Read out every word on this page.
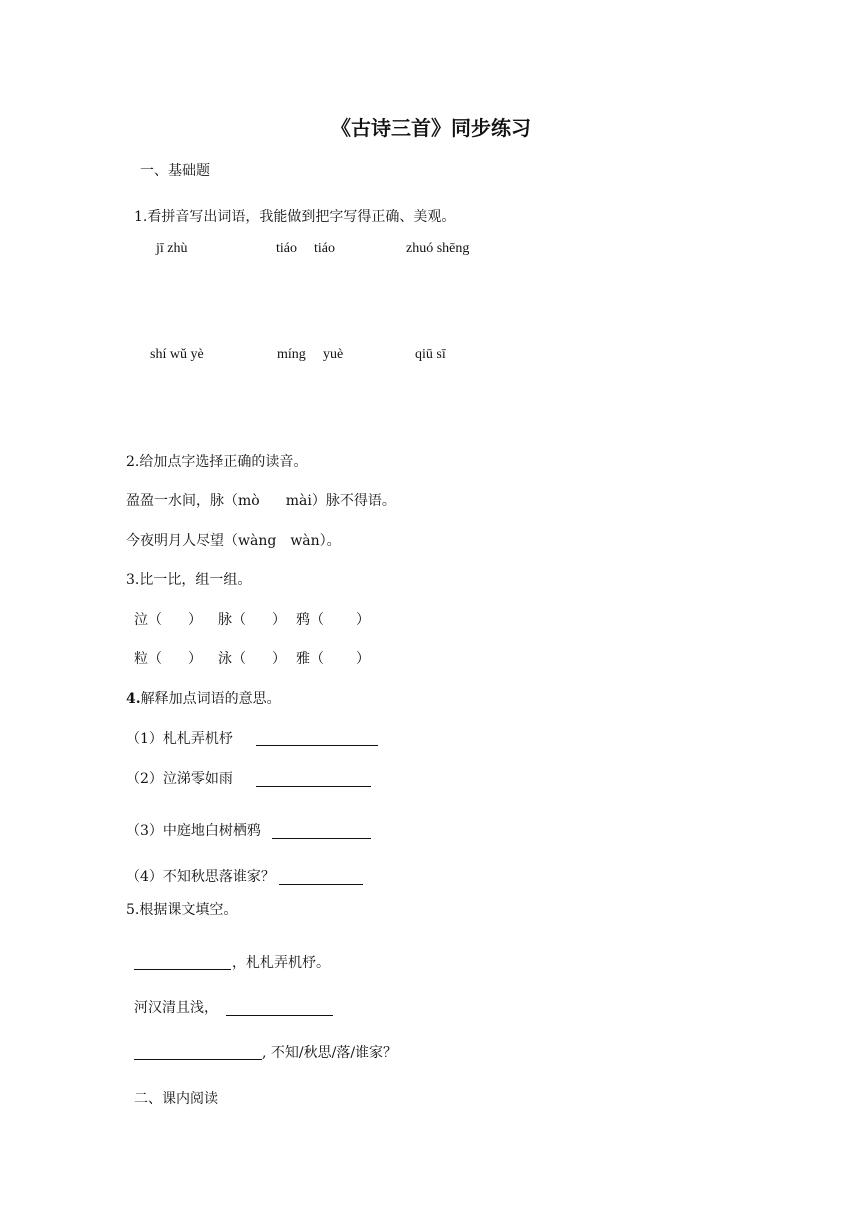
《古诗三首》同步练习
一、基础题
1.看拼音写出词语，我能做到把字写得正确、美观。
jī zhù	tiáo tiáo	zhuó shēng
shí wǔ yè	míng yuè	qiū sī
2.给加点字选择正确的读音。
盈盈一水间，脉（mò mài）脉不得语。
今夜明月人尽望（wàng wàn）。
3.比一比，组一组。
泣（ ） 脉（ ） 鸦（ ）
粒（ ） 泳（ ） 雅（ ）
4.解释加点词语的意思。
（1）札札弄机杼
（2）泣涕零如雨
（3）中庭地白树栖鸦
（4）不知秋思落谁家？
5.根据课文填空。
，札札弄机杼。
河汉清且浅，
, 不知/秋思/落/谁家？
二、课内阅读
